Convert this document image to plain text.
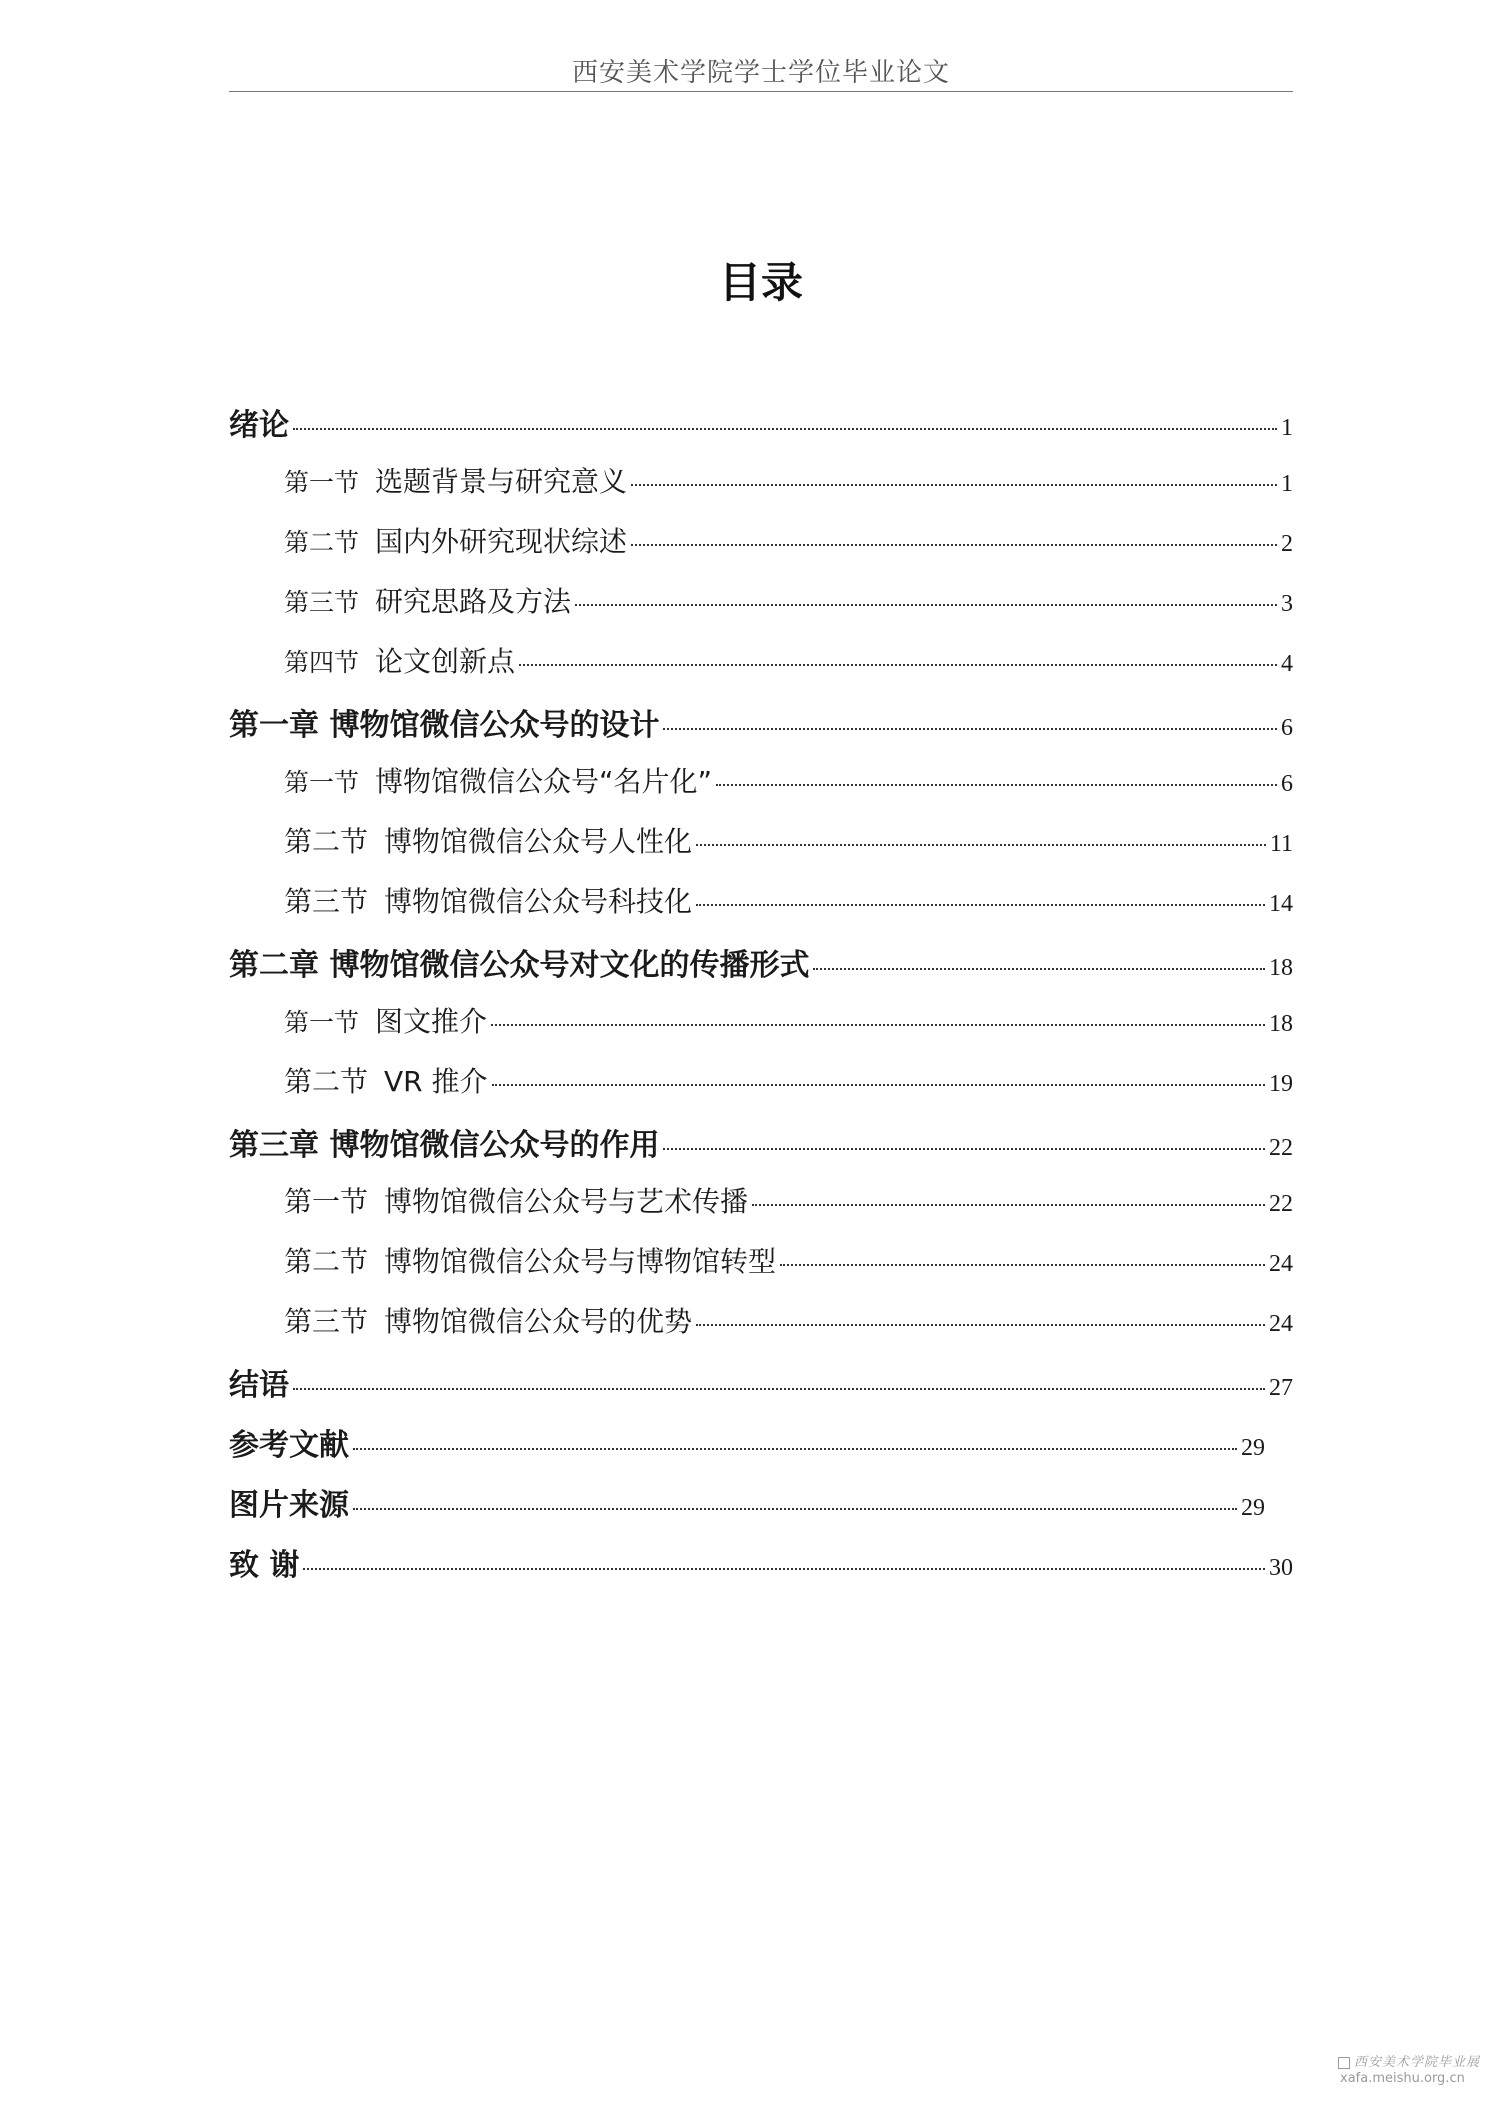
西安美术学院学士学位毕业论文
目录
绪论	1
第一节 选题背景与研究意义	1
第二节 国内外研究现状综述	2
第三节 研究思路及方法	3
第四节 论文创新点	4
第一章 博物馆微信公众号的设计	6
第一节 博物馆微信公众号“名片化”	6
第二节 博物馆微信公众号人性化	11
第三节 博物馆微信公众号科技化	14
第二章 博物馆微信公众号对文化的传播形式	18
第一节 图文推介	18
第二节 VR 推介	19
第三章 博物馆微信公众号的作用	22
第一节 博物馆微信公众号与艺术传播	22
第二节 博物馆微信公众号与博物馆转型	24
第三节 博物馆微信公众号的优势	24
结语	27
参考文献	29
图片来源	29
致 谢	30
西安美术学院毕业展
xafa.meishu.org.cn
